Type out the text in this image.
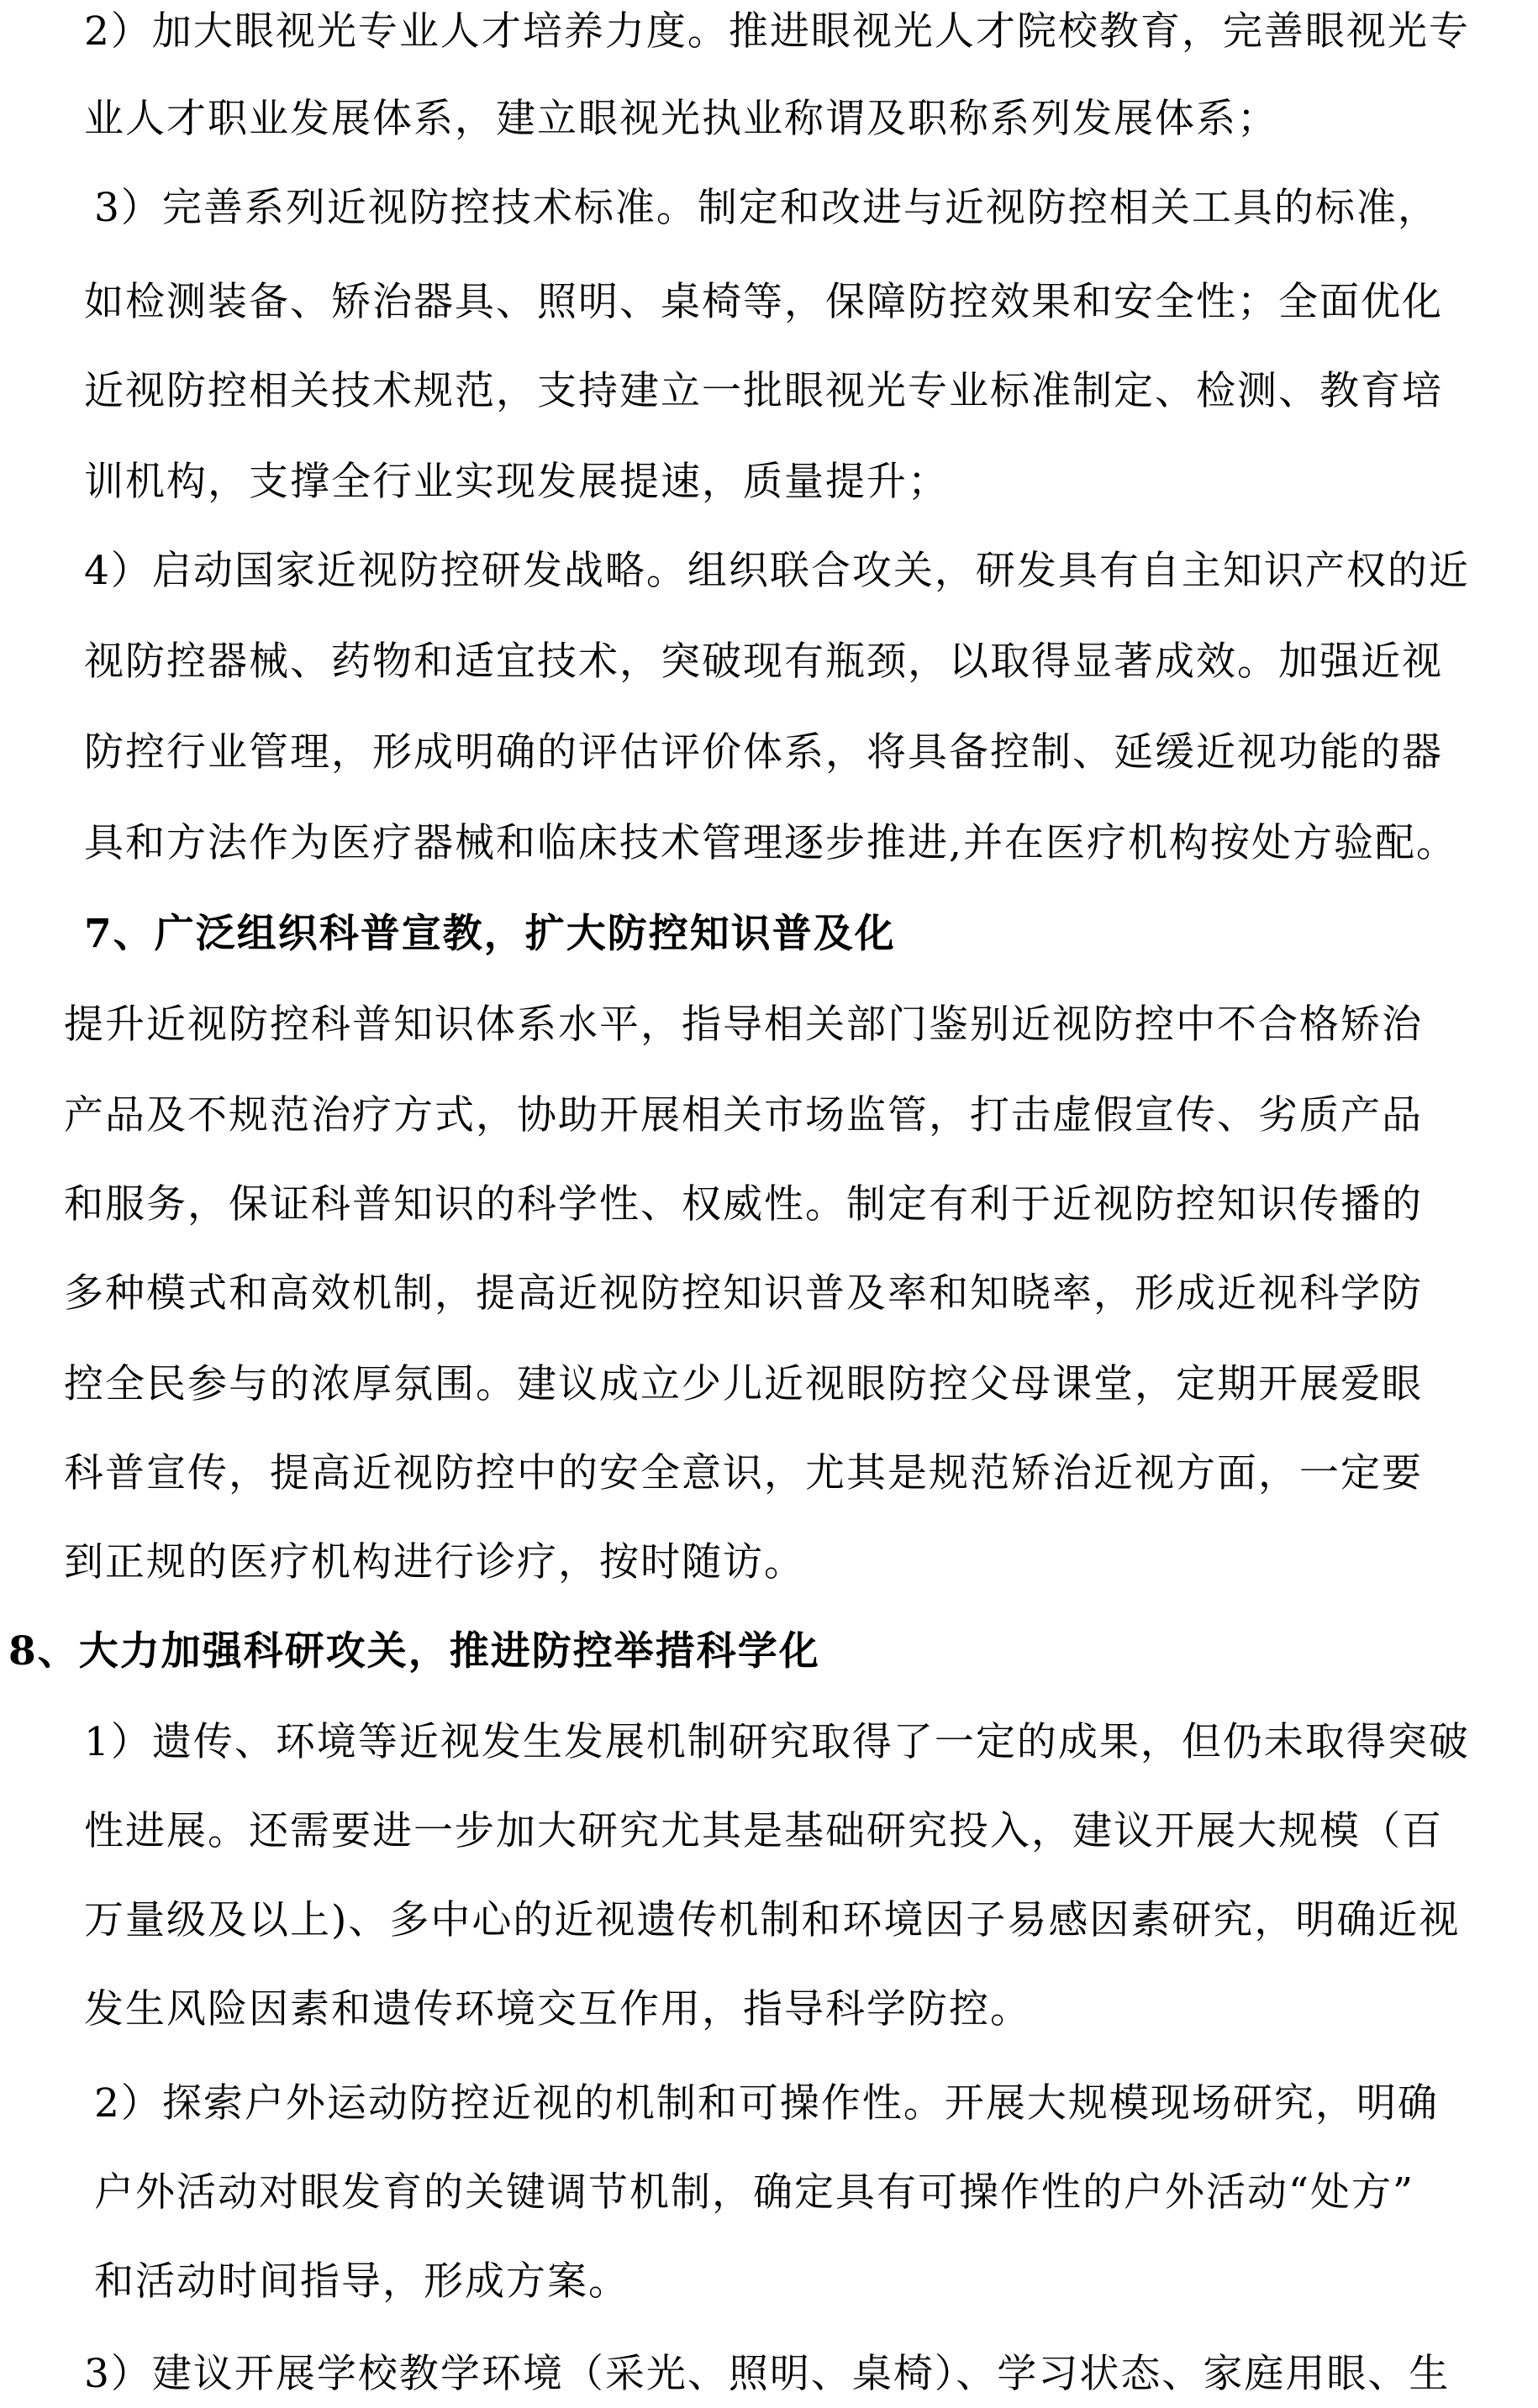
2）加大眼视光专业人才培养力度。推进眼视光人才院校教育，完善眼视光专
业人才职业发展体系，建立眼视光执业称谓及职称系列发展体系；
3）完善系列近视防控技术标准。制定和改进与近视防控相关工具的标准，
如检测装备、矫治器具、照明、桌椅等，保障防控效果和安全性；全面优化
近视防控相关技术规范，支持建立一批眼视光专业标准制定、检测、教育培
训机构，支撑全行业实现发展提速，质量提升；
4）启动国家近视防控研发战略。组织联合攻关，研发具有自主知识产权的近
视防控器械、药物和适宜技术，突破现有瓶颈，以取得显著成效。加强近视
防控行业管理，形成明确的评估评价体系，将具备控制、延缓近视功能的器
具和方法作为医疗器械和临床技术管理逐步推进,并在医疗机构按处方验配。
7、广泛组织科普宣教，扩大防控知识普及化
提升近视防控科普知识体系水平，指导相关部门鉴别近视防控中不合格矫治
产品及不规范治疗方式，协助开展相关市场监管，打击虚假宣传、劣质产品
和服务，保证科普知识的科学性、权威性。制定有利于近视防控知识传播的
多种模式和高效机制，提高近视防控知识普及率和知晓率，形成近视科学防
控全民参与的浓厚氛围。建议成立少儿近视眼防控父母课堂，定期开展爱眼
科普宣传，提高近视防控中的安全意识，尤其是规范矫治近视方面，一定要
到正规的医疗机构进行诊疗，按时随访。
8、大力加强科研攻关，推进防控举措科学化
1）遗传、环境等近视发生发展机制研究取得了一定的成果，但仍未取得突破
性进展。还需要进一步加大研究尤其是基础研究投入，建议开展大规模（百
万量级及以上)、多中心的近视遗传机制和环境因子易感因素研究，明确近视
发生风险因素和遗传环境交互作用，指导科学防控。
2）探索户外运动防控近视的机制和可操作性。开展大规模现场研究，明确
户外活动对眼发育的关键调节机制，确定具有可操作性的户外活动“处方”
和活动时间指导，形成方案。
3）建议开展学校教学环境（采光、照明、桌椅）、学习状态、家庭用眼、生
